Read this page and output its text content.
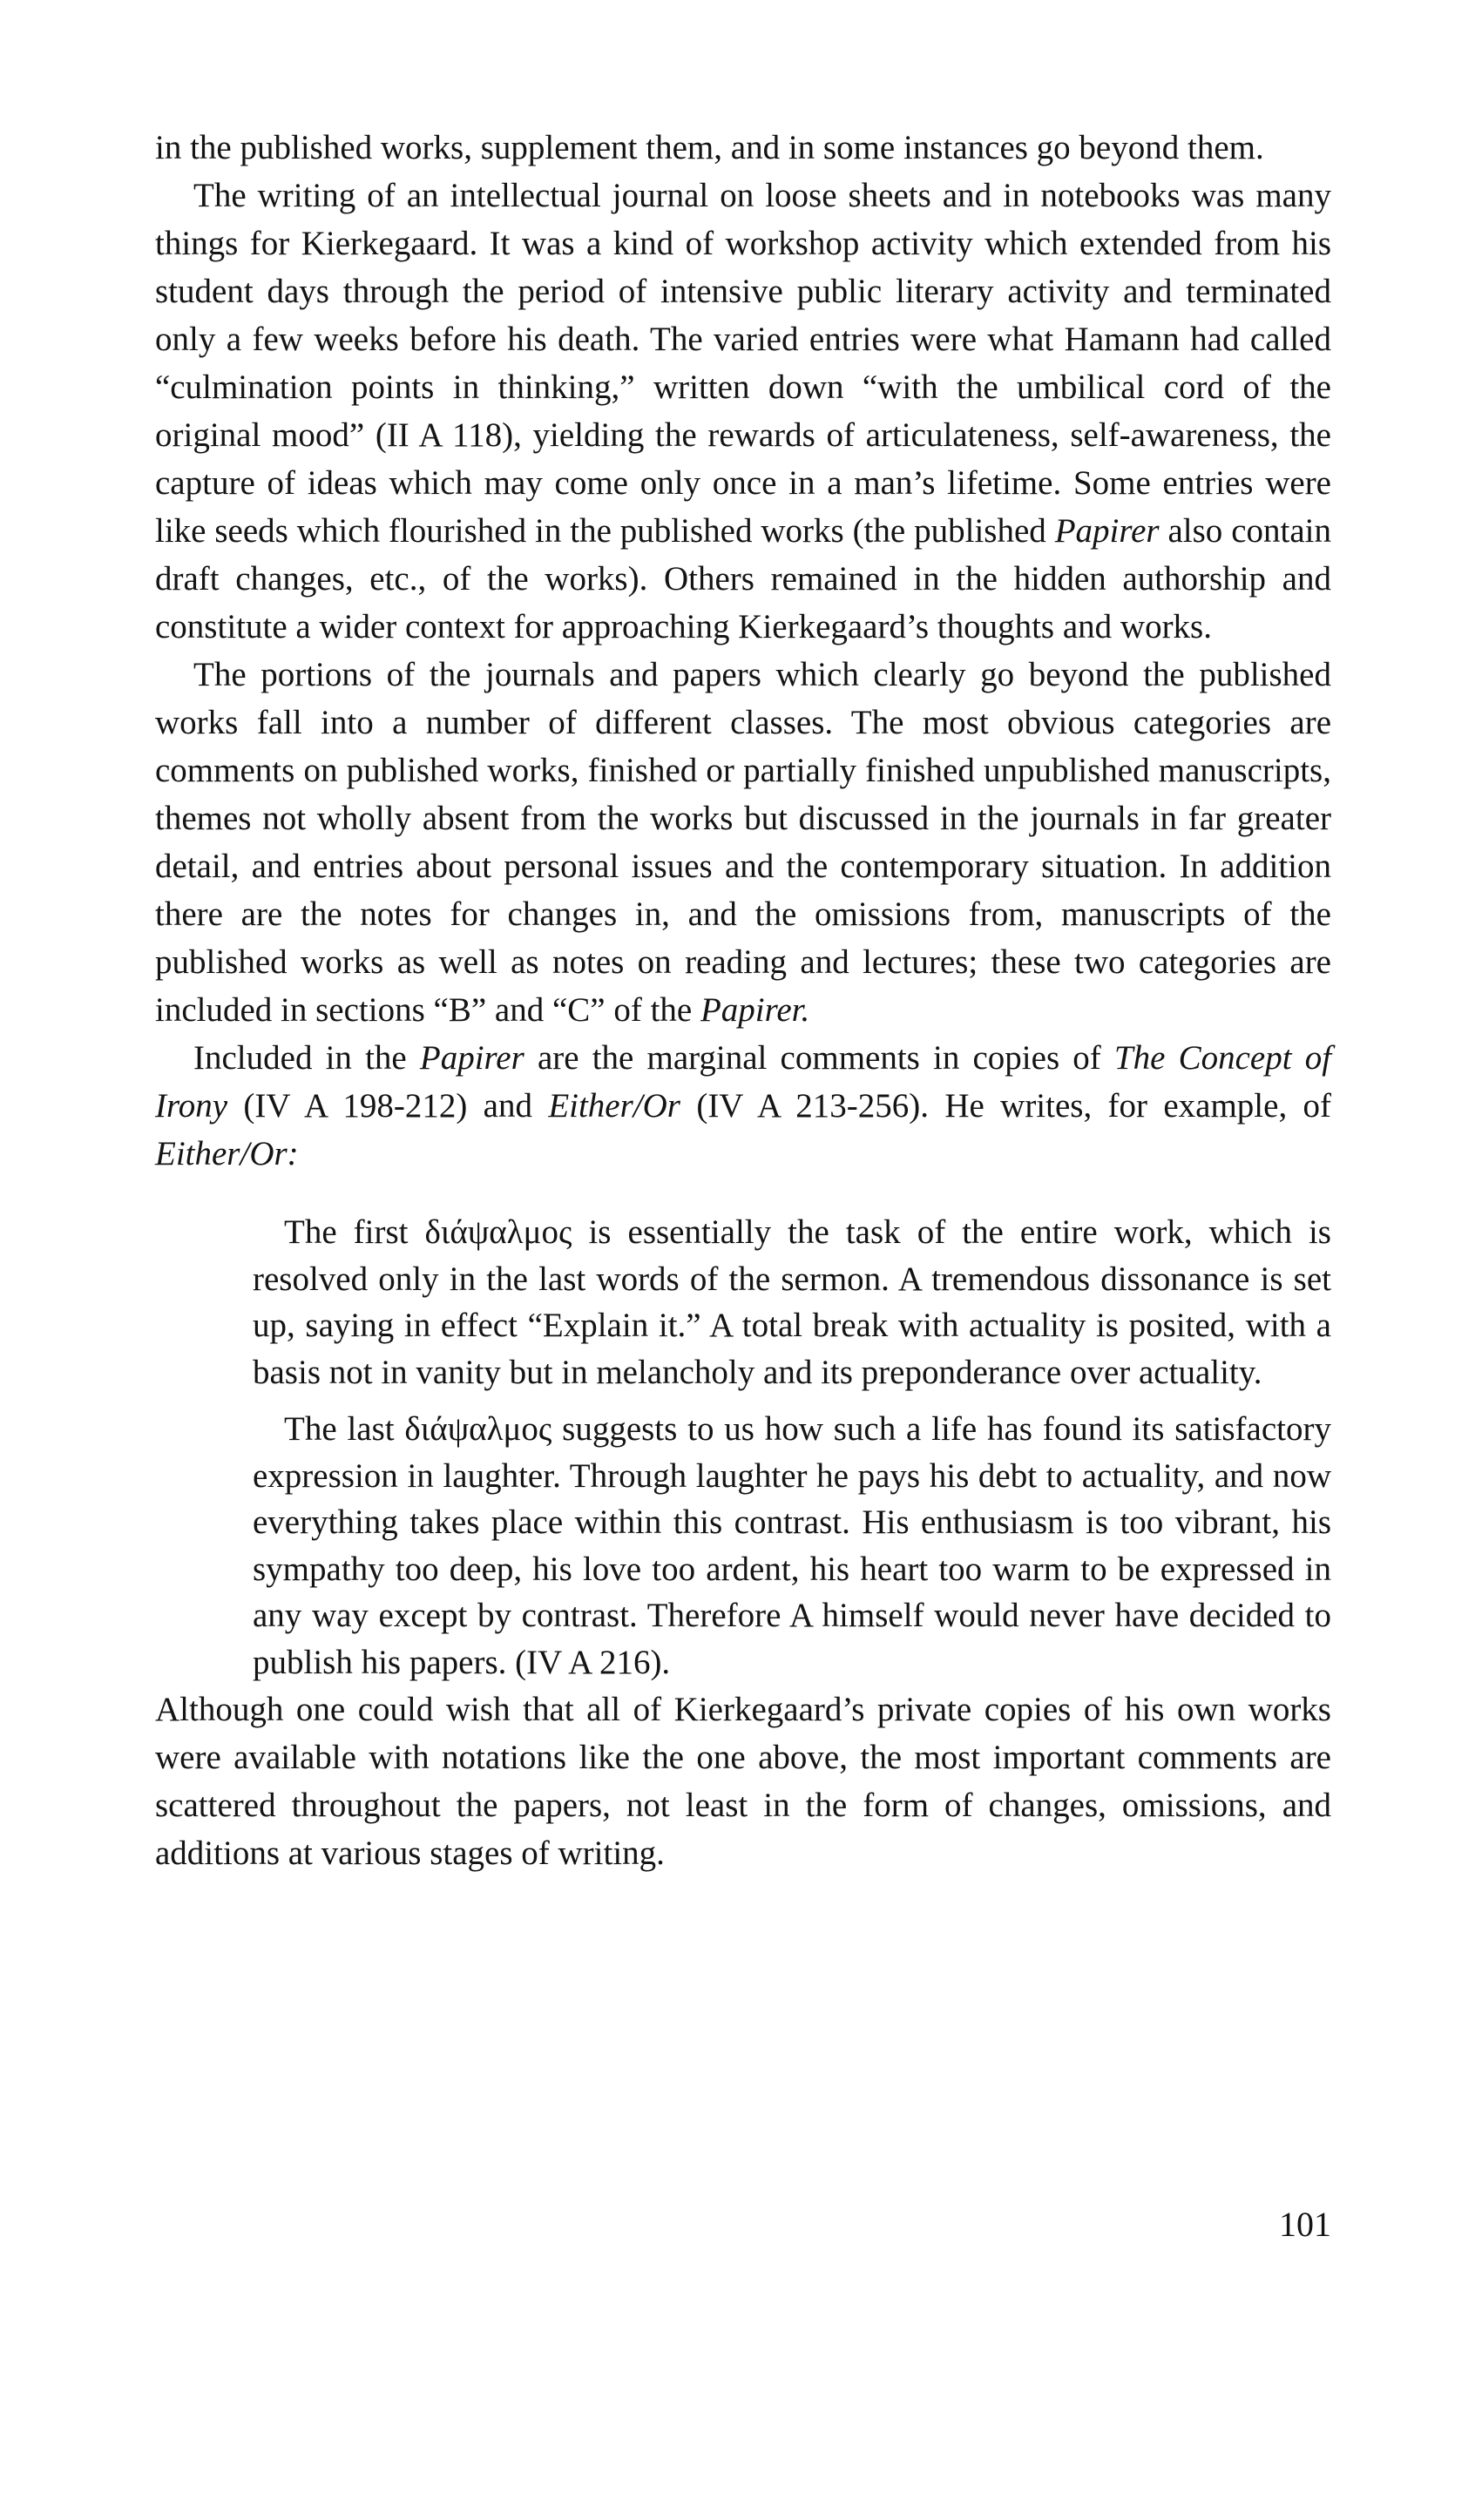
in the published works, supplement them, and in some instances go beyond them.

The writing of an intellectual journal on loose sheets and in notebooks was many things for Kierkegaard. It was a kind of workshop activity which extended from his student days through the period of intensive public literary activity and terminated only a few weeks before his death. The varied entries were what Hamann had called “culmination points in thinking,” written down “with the umbilical cord of the original mood” (II A 118), yielding the rewards of articulateness, self-awareness, the capture of ideas which may come only once in a man’s lifetime. Some entries were like seeds which flourished in the published works (the published Papirer also contain draft changes, etc., of the works). Others remained in the hidden authorship and constitute a wider context for approaching Kierkegaard’s thoughts and works.

The portions of the journals and papers which clearly go beyond the published works fall into a number of different classes. The most obvious categories are comments on published works, finished or partially finished unpublished manuscripts, themes not wholly absent from the works but discussed in the journals in far greater detail, and entries about personal issues and the contemporary situation. In addition there are the notes for changes in, and the omissions from, manuscripts of the published works as well as notes on reading and lectures; these two categories are included in sections “B” and “C” of the Papirer.

Included in the Papirer are the marginal comments in copies of The Concept of Irony (IV A 198-212) and Either/Or (IV A 213-256). He writes, for example, of Either/Or:

The first διάψαλμος is essentially the task of the entire work, which is resolved only in the last words of the sermon. A tremendous dissonance is set up, saying in effect “Explain it.” A total break with actuality is posited, with a basis not in vanity but in melancholy and its preponderance over actuality.

The last διάψαλμος suggests to us how such a life has found its satisfactory expression in laughter. Through laughter he pays his debt to actuality, and now everything takes place within this contrast. His enthusiasm is too vibrant, his sympathy too deep, his love too ardent, his heart too warm to be expressed in any way except by contrast. Therefore A himself would never have decided to publish his papers. (IV A 216).

Although one could wish that all of Kierkegaard’s private copies of his own works were available with notations like the one above, the most important comments are scattered throughout the papers, not least in the form of changes, omissions, and additions at various stages of writing.

101
